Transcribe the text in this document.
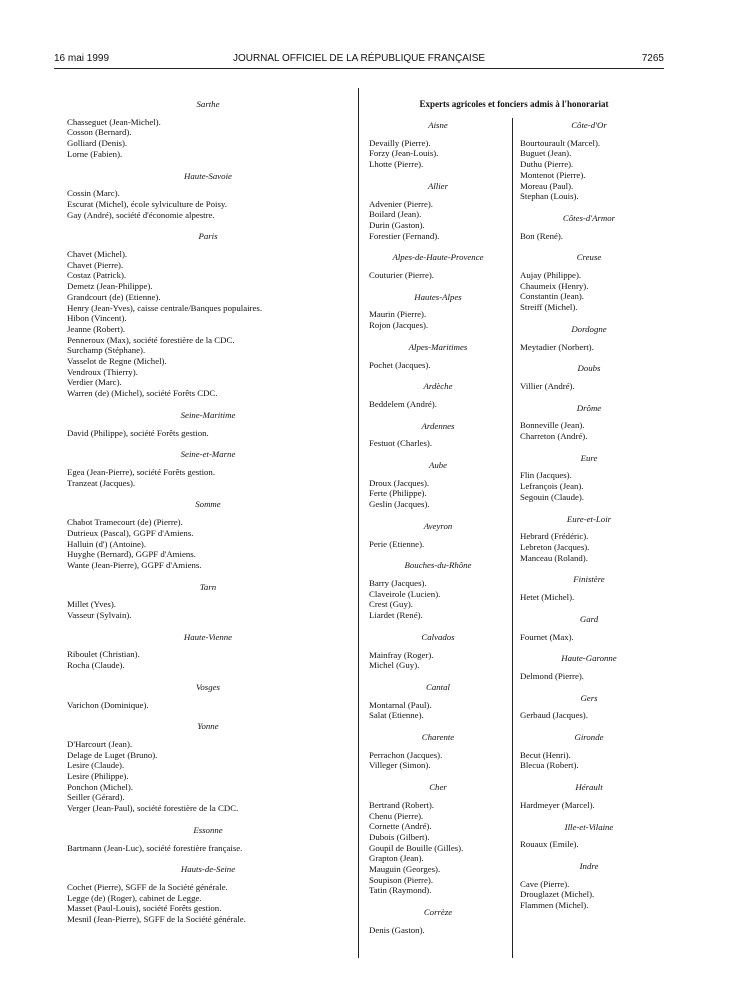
16 mai 1999	JOURNAL OFFICIEL DE LA RÉPUBLIQUE FRANÇAISE	7265
Sarthe
Chasseguet (Jean-Michel).
Cosson (Bernard).
Golliard (Denis).
Lorne (Fabien).
Haute-Savoie
Cossin (Marc).
Escurat (Michel), école sylviculture de Poisy.
Gay (André), société d'économie alpestre.
Paris
Chavet (Michel).
Chavet (Pierre).
Costaz (Patrick).
Demetz (Jean-Philippe).
Grandcourt (de) (Etienne).
Henry (Jean-Yves), caisse centrale/Banques populaires.
Hibon (Vincent).
Jeanne (Robert).
Penneroux (Max), société forestière de la CDC.
Surchamp (Stéphane).
Vasselot de Regne (Michel).
Vendroux (Thierry).
Verdier (Marc).
Warren (de) (Michel), société Forêts CDC.
Seine-Maritime
David (Philippe), société Forêts gestion.
Seine-et-Marne
Egea (Jean-Pierre), société Forêts gestion.
Tranzeat (Jacques).
Somme
Chabot Tramecourt (de) (Pierre).
Dutrieux (Pascal), GGPF d'Amiens.
Halluin (d') (Antoine).
Huyghe (Bernard), GGPF d'Amiens.
Wante (Jean-Pierre), GGPF d'Amiens.
Tarn
Millet (Yves).
Vasseur (Sylvain).
Haute-Vienne
Riboulet (Christian).
Rocha (Claude).
Vosges
Varichon (Dominique).
Yonne
D'Harcourt (Jean).
Delage de Luget (Bruno).
Lesire (Claude).
Lesire (Philippe).
Ponchon (Michel).
Seiller (Gérard).
Verger (Jean-Paul), société forestière de la CDC.
Essonne
Bartmann (Jean-Luc), société forestière française.
Hauts-de-Seine
Cochet (Pierre), SGFF de la Société générale.
Legge (de) (Roger), cabinet de Legge.
Masset (Paul-Louis), société Forêts gestion.
Mesnil (Jean-Pierre), SGFF de la Société générale.
Experts agricoles et fonciers admis à l'honorariat
Aisne
Devailly (Pierre).
Forzy (Jean-Louis).
Lhotte (Pierre).
Allier
Advenier (Pierre).
Boilard (Jean).
Durin (Gaston).
Forestier (Fernand).
Alpes-de-Haute-Provence
Couturier (Pierre).
Hautes-Alpes
Maurin (Pierre).
Rojon (Jacques).
Alpes-Maritimes
Pochet (Jacques).
Ardèche
Beddelem (André).
Ardennes
Festuot (Charles).
Aube
Droux (Jacques).
Ferte (Philippe).
Geslin (Jacques).
Aveyron
Perie (Etienne).
Bouches-du-Rhône
Barry (Jacques).
Claveirole (Lucien).
Crest (Guy).
Liardet (René).
Calvados
Mainfray (Roger).
Michel (Guy).
Cantal
Montarnal (Paul).
Salat (Etienne).
Charente
Perrachon (Jacques).
Villeger (Simon).
Cher
Bertrand (Robert).
Chenu (Pierre).
Cornette (André).
Dubois (Gilbert).
Goupil de Bouille (Gilles).
Grapton (Jean).
Mauguin (Georges).
Soupison (Pierre).
Tatin (Raymond).
Corrèze
Denis (Gaston).
Côte-d'Or
Bourtourault (Marcel).
Buguet (Jean).
Duthu (Pierre).
Montenot (Pierre).
Moreau (Paul).
Stephan (Louis).
Côtes-d'Armor
Bon (René).
Creuse
Aujay (Philippe).
Chaumeix (Henry).
Constantin (Jean).
Streiff (Michel).
Dordogne
Meytadier (Norbert).
Doubs
Villier (André).
Drôme
Bonneville (Jean).
Charreton (André).
Eure
Flin (Jacques).
Lefrançois (Jean).
Segouin (Claude).
Eure-et-Loir
Hebrard (Frédéric).
Lebreton (Jacques).
Manceau (Roland).
Finistère
Hetet (Michel).
Gard
Fournet (Max).
Haute-Garonne
Delmond (Pierre).
Gers
Gerbaud (Jacques).
Gironde
Becut (Henri).
Blecua (Robert).
Hérault
Hardmeyer (Marcel).
Ille-et-Vilaine
Rouaux (Emile).
Indre
Cave (Pierre).
Drouglazet (Michel).
Flammen (Michel).
